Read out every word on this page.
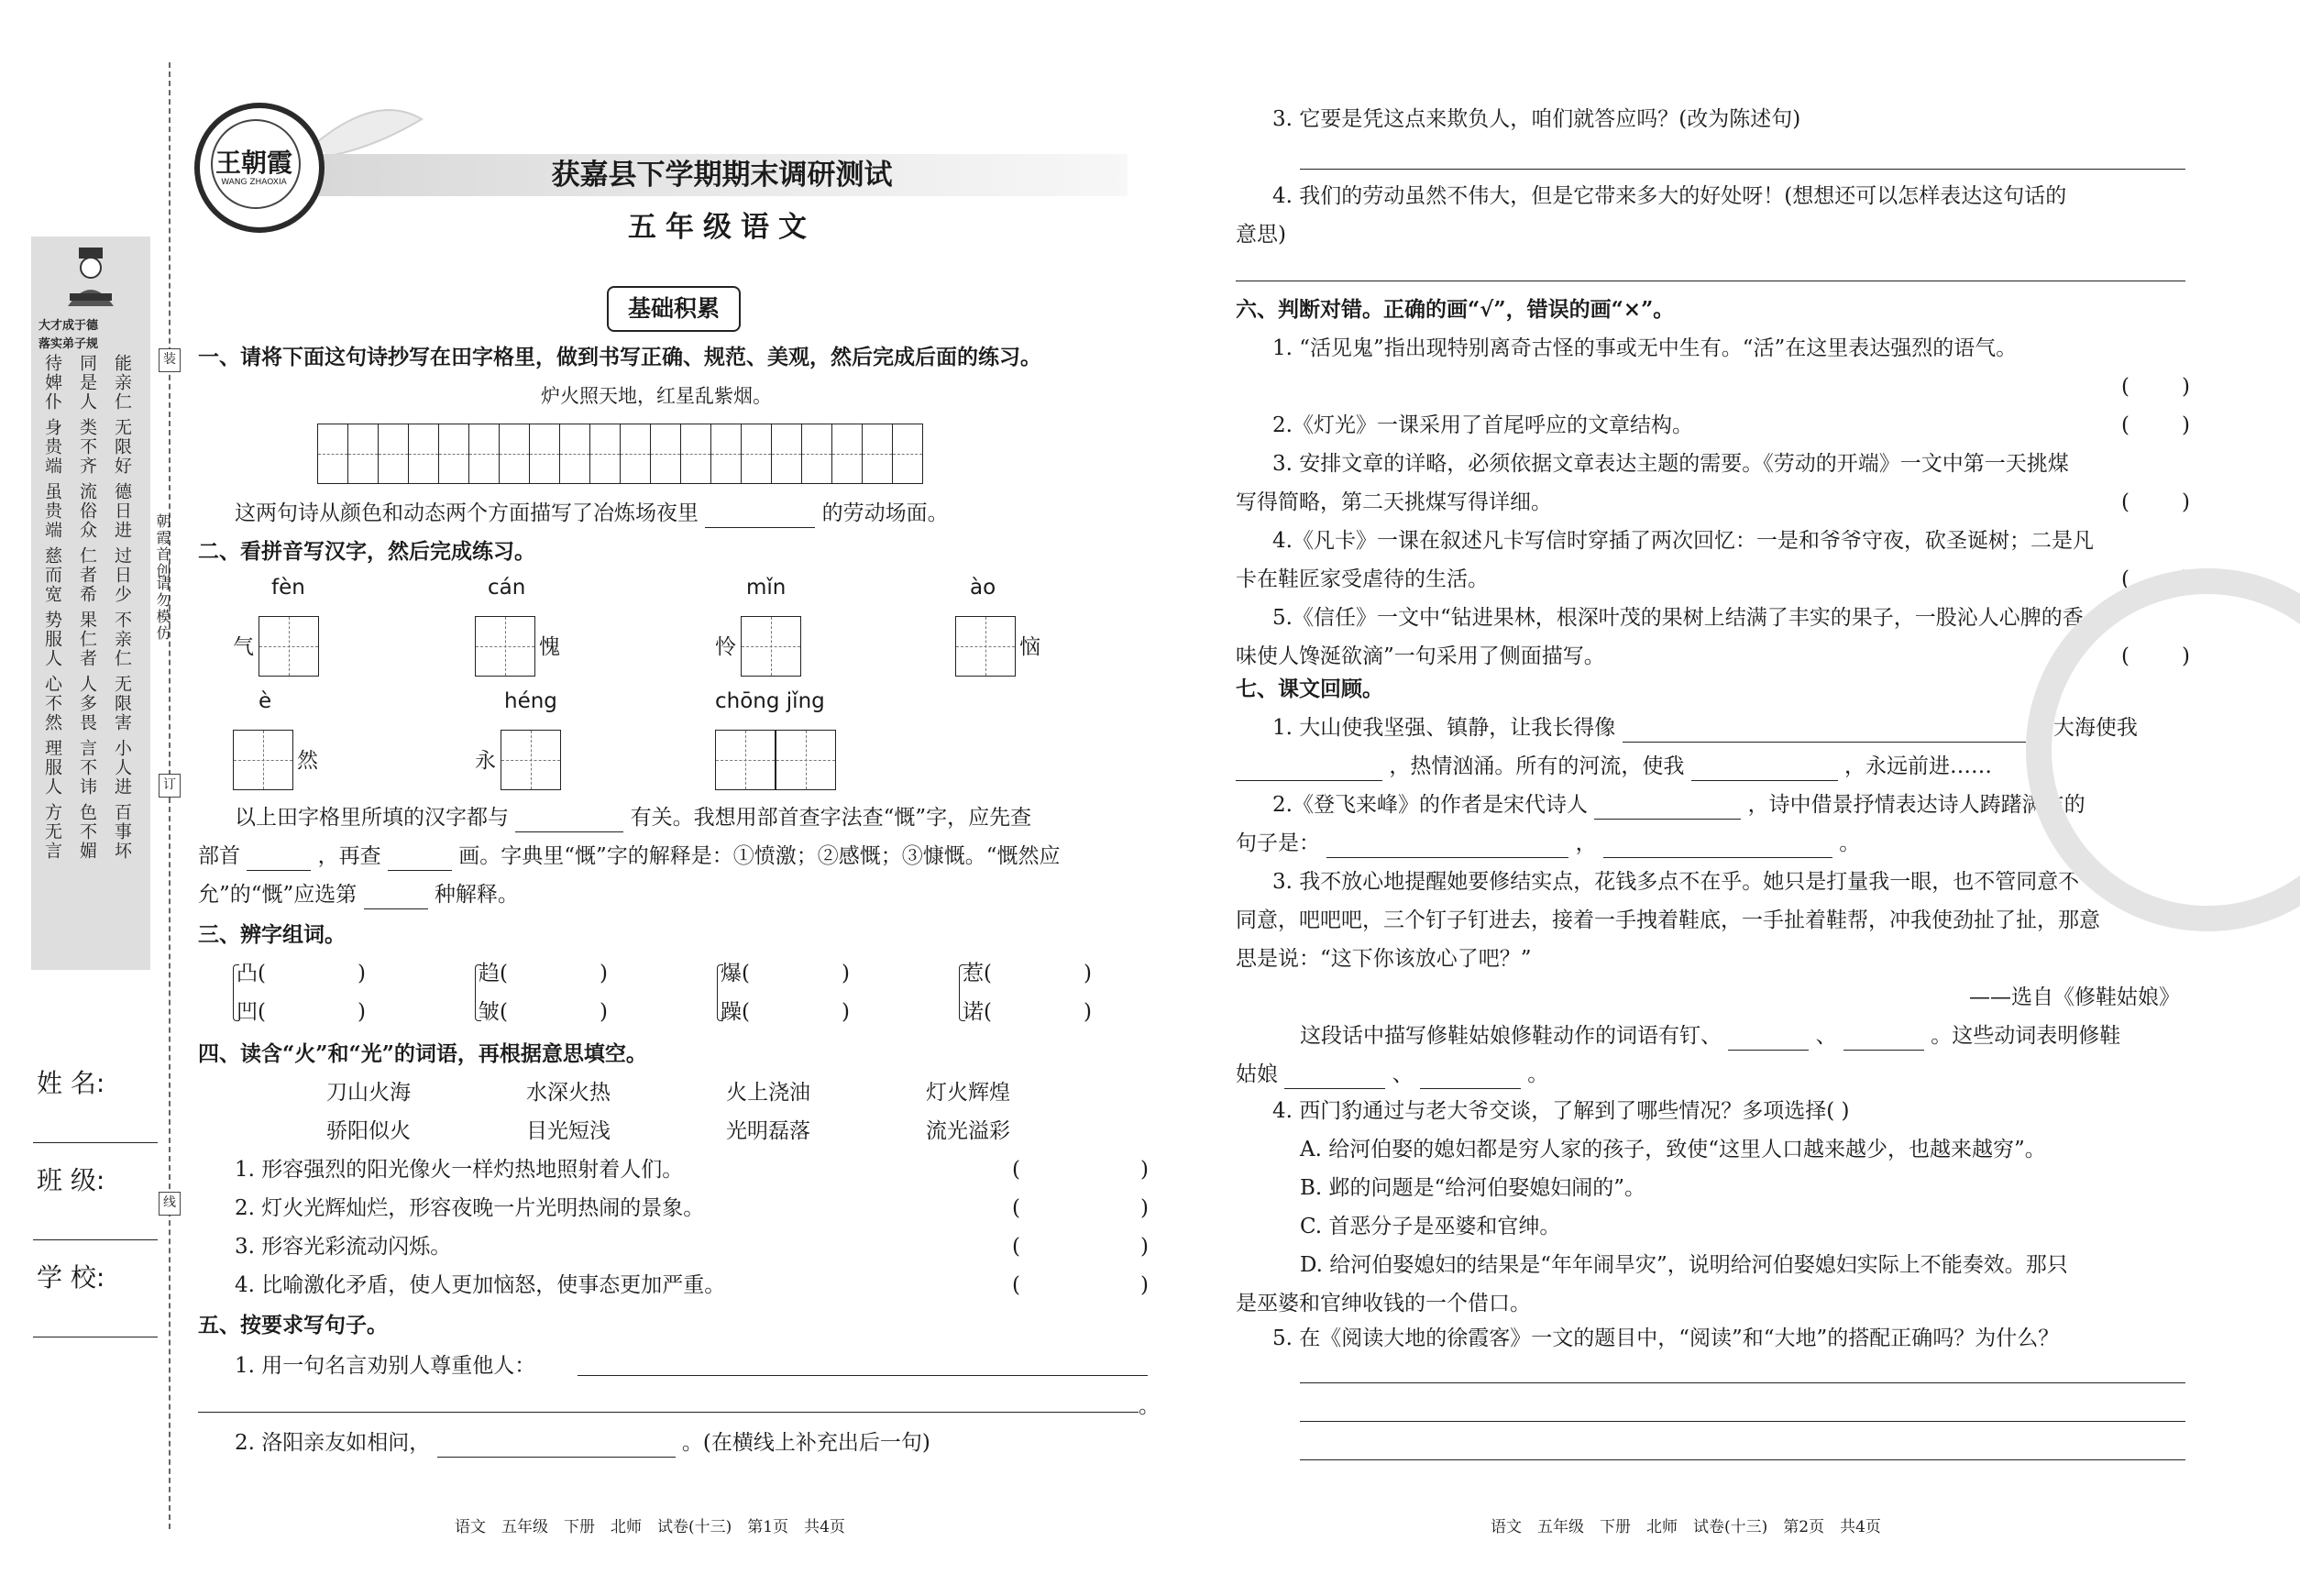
大才成于德
落实弟子规
待婢仆 同是人 能亲仁
身贵端 类不齐 无限好
虽贵端 流俗众 德日进
慈而宽 仁者希 过日少
势服人 果仁者 不亲仁
心不然 人多畏 无限害
理服人 言不讳 小人进
方无言 色不媚 百事坏
姓 名:
班 级:
学 校:
装
订
线
朝霞首创
请勿模仿
王朝霞
WANG ZHAOXIA	获嘉县下学期期末调研测试
五年级语文
基础积累
一、请将下面这句诗抄写在田字格里，做到书写正确、规范、美观，然后完成后面的练习。
炉火照天地，红星乱紫烟。
这两句诗从颜色和动态两个方面描写了冶炼场夜里	的劳动场面。
二、看拼音写汉字，然后完成练习。
fèn
气
cán
愧
mǐn
怜
ào
恼
è
然
héng
永
chōng jǐng
以上田字格里所填的汉字都与	有关。我想用部首查字法查“慨”字，应先查
部首	，再查	画。字典里“慨”字的解释是：①愤激；②感慨；③慷慨。“慨然应
允”的“慨”应选第	种解释。
三、辨字组词。
凸(	)
凹(	)
趋(	)
皱(	)
爆(	)
躁(	)
惹(	)
诺(	)
四、读含“火”和“光”的词语，再根据意思填空。
刀山火海	水深火热	火上浇油	灯火辉煌
骄阳似火	目光短浅	光明磊落	流光溢彩
1. 形容强烈的阳光像火一样灼热地照射着人们。	(	)
2. 灯火光辉灿烂，形容夜晚一片光明热闹的景象。	(	)
3. 形容光彩流动闪烁。	(	)
4. 比喻激化矛盾，使人更加恼怒，使事态更加严重。	(	)
五、按要求写句子。
1. 用一句名言劝别人尊重他人：
。
2. 洛阳亲友如相问，	。(在横线上补充出后一句)
3. 它要是凭这点来欺负人，咱们就答应吗？(改为陈述句)
4. 我们的劳动虽然不伟大，但是它带来多大的好处呀！(想想还可以怎样表达这句话的
意思)
六、判断对错。正确的画“√”，错误的画“×”。
1. “活见鬼”指出现特别离奇古怪的事或无中生有。“活”在这里表达强烈的语气。
( )
2.《灯光》一课采用了首尾呼应的文章结构。	( )
3. 安排文章的详略，必须依据文章表达主题的需要。《劳动的开端》一文中第一天挑煤
写得简略，第二天挑煤写得详细。	( )
4.《凡卡》一课在叙述凡卡写信时穿插了两次回忆：一是和爷爷守夜，砍圣诞树；二是凡
卡在鞋匠家受虐待的生活。	( )
5.《信任》一文中“钻进果林，根深叶茂的果树上结满了丰实的果子，一股沁人心脾的香
味使人馋涎欲滴”一句采用了侧面描写。	( )
七、课文回顾。
1. 大山使我坚强、镇静，让我长得像	。大海使我
，热情汹涌。所有的河流，使我	，永远前进……
2.《登飞来峰》的作者是宋代诗人	，诗中借景抒情表达诗人踌躇满志的
句子是：	，	。
3. 我不放心地提醒她要修结实点，花钱多点不在乎。她只是打量我一眼，也不管同意不
同意，吧吧吧，三个钉子钉进去，接着一手拽着鞋底，一手扯着鞋帮，冲我使劲扯了扯，那意
思是说：“这下你该放心了吧？”
——选自《修鞋姑娘》
这段话中描写修鞋姑娘修鞋动作的词语有钉、	、	。这些动词表明修鞋
姑娘	、	。
4. 西门豹通过与老大爷交谈，了解到了哪些情况？多项选择( )
A. 给河伯娶的媳妇都是穷人家的孩子，致使“这里人口越来越少，也越来越穷”。
B. 邺的问题是“给河伯娶媳妇闹的”。
C. 首恶分子是巫婆和官绅。
D. 给河伯娶媳妇的结果是“年年闹旱灾”，说明给河伯娶媳妇实际上不能奏效。那只
是巫婆和官绅收钱的一个借口。
5. 在《阅读大地的徐霞客》一文的题目中，“阅读”和“大地”的搭配正确吗？为什么？
语文　五年级　下册　北师　试卷(十三)　第1页　共4页	语文　五年级　下册　北师　试卷(十三)　第2页　共4页
